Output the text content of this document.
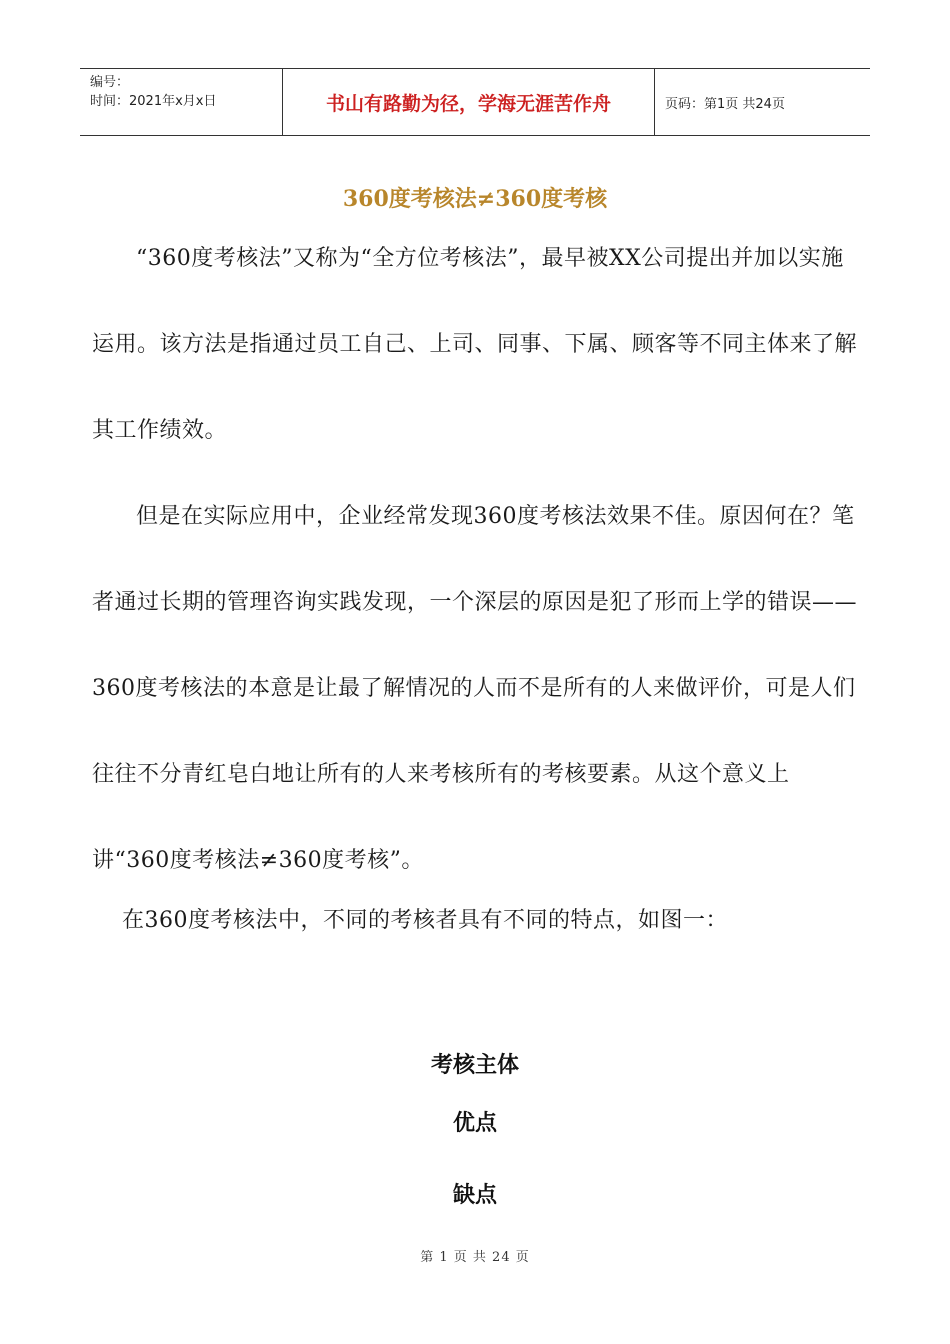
编号：
时间：2021年x月x日	书山有路勤为径，学海无涯苦作舟	页码：第1页 共24页
360度考核法≠360度考核

“360度考核法”又称为“全方位考核法”，最早被XX公司提出并加以实施运用。该方法是指通过员工自己、上司、同事、下属、顾客等不同主体来了解其工作绩效。

但是在实际应用中，企业经常发现360度考核法效果不佳。原因何在？笔者通过长期的管理咨询实践发现，一个深层的原因是犯了形而上学的错误——360度考核法的本意是让最了解情况的人而不是所有的人来做评价，可是人们往往不分青红皂白地让所有的人来考核所有的考核要素。从这个意义上讲“360度考核法≠360度考核”。

在360度考核法中，不同的考核者具有不同的特点，如图一：

考核主体
优点
缺点
第 1 页 共 24 页
